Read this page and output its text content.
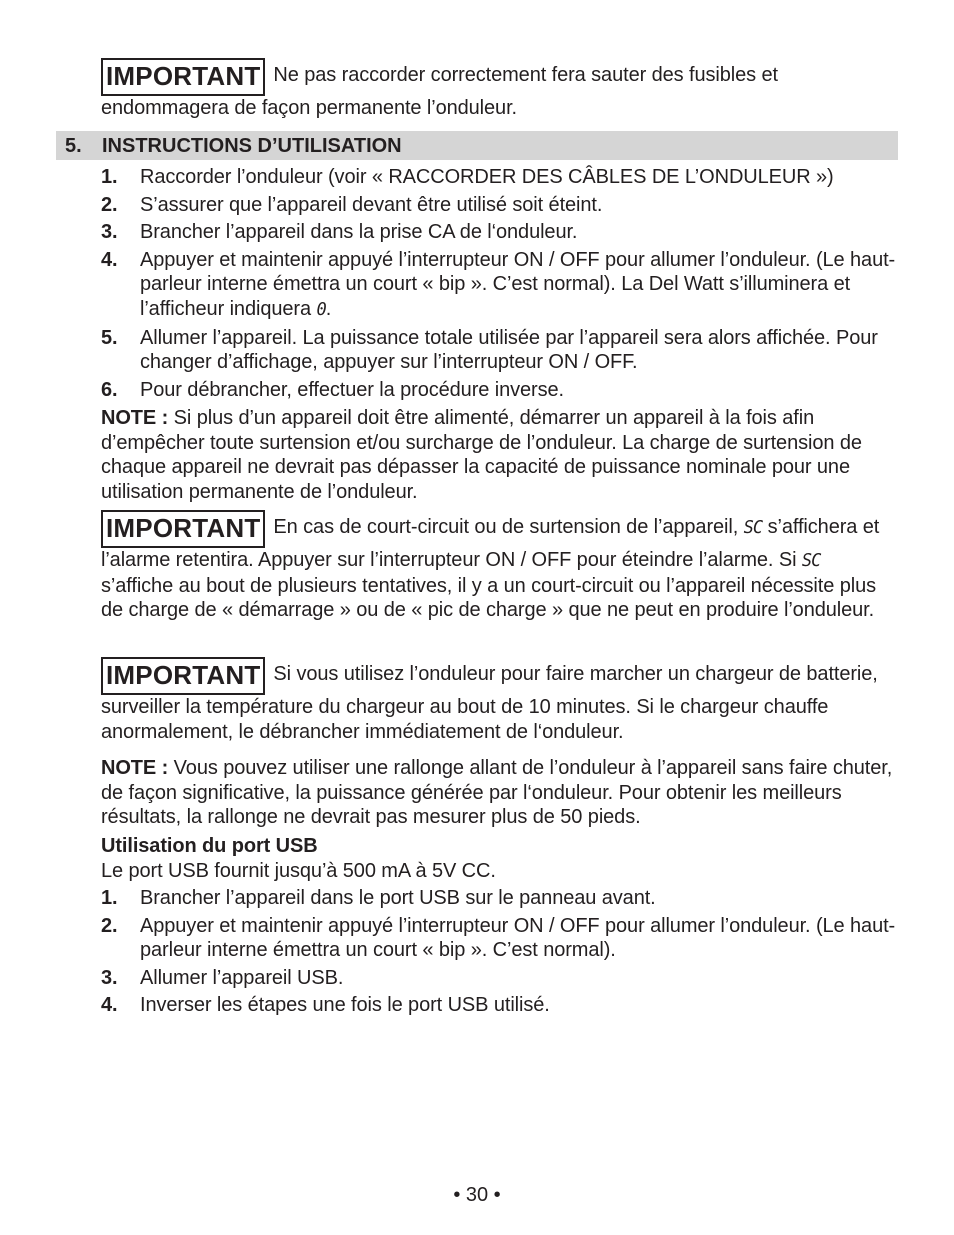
IMPORTANT Ne pas raccorder correctement fera sauter des fusibles et endommagera de façon permanente l’onduleur.
5. INSTRUCTIONS D’UTILISATION
1. Raccorder l’onduleur (voir « RACCORDER DES CÂBLES DE L’ONDULEUR »)
2. S’assurer que l’appareil devant être utilisé soit éteint.
3. Brancher l’appareil dans la prise CA de l‘onduleur.
4. Appuyer et maintenir appuyé l’interrupteur ON / OFF pour allumer l’onduleur. (Le haut-parleur interne émettra un court « bip ». C’est normal). La Del Watt s’illuminera et l’afficheur indiquera 0.
5. Allumer l’appareil. La puissance totale utilisée par l’appareil sera alors affichée. Pour changer d’affichage, appuyer sur l’interrupteur ON / OFF.
6. Pour débrancher, effectuer la procédure inverse.
NOTE : Si plus d’un appareil doit être alimenté, démarrer un appareil à la fois afin d’empêcher toute surtension et/ou surcharge de l’onduleur. La charge de surtension de chaque appareil ne devrait pas dépasser la capacité de puissance nominale pour une utilisation permanente de l’onduleur.
IMPORTANT En cas de court-circuit ou de surtension de l’appareil, SC s’affichera et l’alarme retentira. Appuyer sur l’interrupteur ON / OFF pour éteindre l’alarme. Si SC  s’affiche au bout de plusieurs tentatives, il y a un court-circuit ou l’appareil nécessite plus de charge de « démarrage » ou de « pic de charge » que ne peut en produire l’onduleur.
IMPORTANT Si vous utilisez l’onduleur pour faire marcher un chargeur de batterie, surveiller la température du chargeur au bout de 10 minutes. Si le chargeur chauffe anormalement, le débrancher immédiatement de l‘onduleur.
NOTE : Vous pouvez utiliser une rallonge allant de l’onduleur à l’appareil sans faire chuter, de façon significative, la puissance générée par l‘onduleur. Pour obtenir les meilleurs résultats, la rallonge ne devrait pas mesurer plus de 50 pieds.
Utilisation du port USB
Le port USB fournit jusqu’à 500 mA à 5V CC.
1. Brancher l’appareil dans le port USB sur le panneau avant.
2. Appuyer et maintenir appuyé l’interrupteur ON / OFF pour allumer l’onduleur. (Le haut-parleur interne émettra un court « bip ». C’est normal).
3. Allumer l’appareil USB.
4. Inverser les étapes une fois le port USB utilisé.
• 30 •
